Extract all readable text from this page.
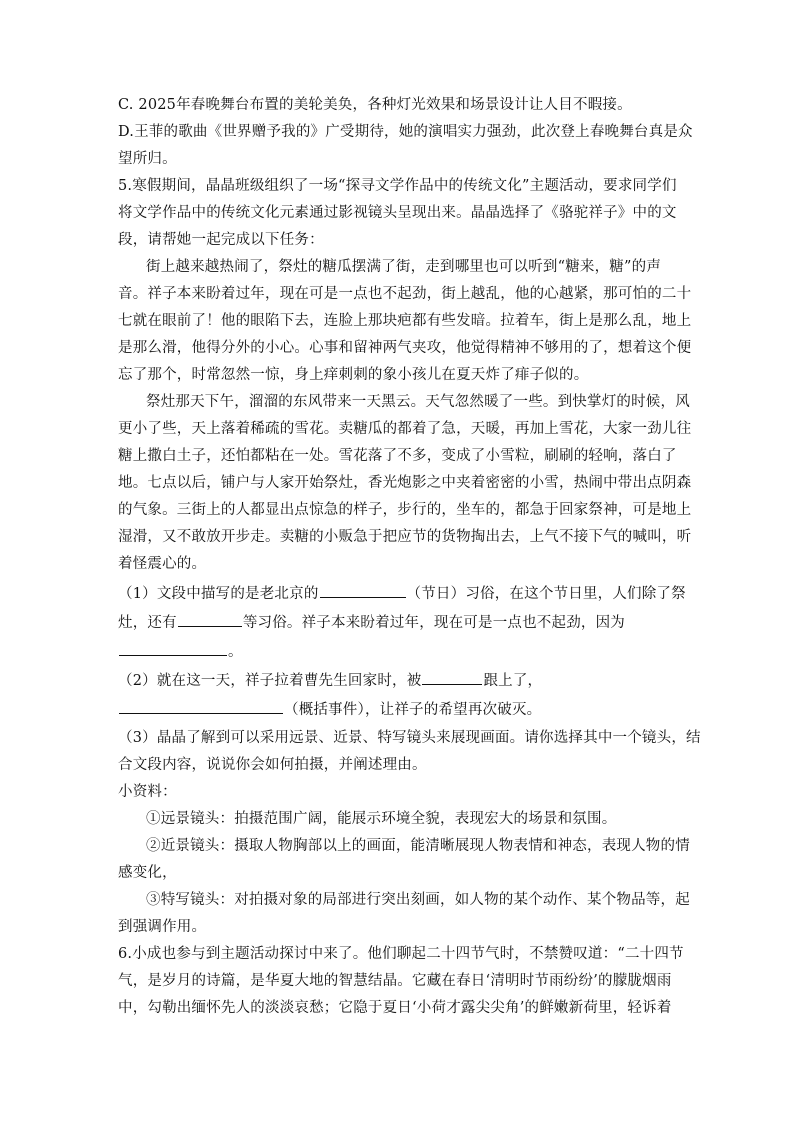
C. 2025年春晚舞台布置的美轮美奂，各种灯光效果和场景设计让人目不暇接。
D.王菲的歌曲《世界赠予我的》广受期待，她的演唱实力强劲，此次登上春晚舞台真是众
望所归。
5.寒假期间，晶晶班级组织了一场“探寻文学作品中的传统文化”主题活动，要求同学们
将文学作品中的传统文化元素通过影视镜头呈现出来。晶晶选择了《骆驼祥子》中的文
段，请帮她一起完成以下任务：
街上越来越热闹了，祭灶的糖瓜摆满了街，走到哪里也可以听到“糖来，糖”的声
音。祥子本来盼着过年，现在可是一点也不起劲，街上越乱，他的心越紧，那可怕的二十
七就在眼前了！他的眼陷下去，连脸上那块疤都有些发暗。拉着车，街上是那么乱，地上
是那么滑，他得分外的小心。心事和留神两气夹攻，他觉得精神不够用的了，想着这个便
忘了那个，时常忽然一惊，身上痒刺刺的象小孩儿在夏天炸了痱子似的。
祭灶那天下午，溜溜的东风带来一天黑云。天气忽然暖了一些。到快掌灯的时候，风
更小了些，天上落着稀疏的雪花。卖糖瓜的都着了急，天暖，再加上雪花，大家一劲儿往
糖上撒白土子，还怕都粘在一处。雪花落了不多，变成了小雪粒，刷刷的轻响，落白了
地。七点以后，铺户与人家开始祭灶，香光炮影之中夹着密密的小雪，热闹中带出点阴森
的气象。三街上的人都显出点惊急的样子，步行的，坐车的，都急于回家祭神，可是地上
湿滑，又不敢放开步走。卖糖的小贩急于把应节的货物掏出去，上气不接下气的喊叫，听
着怪震心的。
（1）文段中描写的是老北京的	（节日）习俗，在这个节日里，人们除了祭
灶，还有	等习俗。祥子本来盼着过年，现在可是一点也不起劲，因为
。
（2）就在这一天，祥子拉着曹先生回家时，被	跟上了，
（概括事件），让祥子的希望再次破灭。
（3）晶晶了解到可以采用远景、近景、特写镜头来展现画面。请你选择其中一个镜头，结
合文段内容，说说你会如何拍摄，并阐述理由。
小资料：
①远景镜头：拍摄范围广阔，能展示环境全貌，表现宏大的场景和氛围。
②近景镜头：摄取人物胸部以上的画面，能清晰展现人物表情和神态，表现人物的情
感变化，
③特写镜头：对拍摄对象的局部进行突出刻画，如人物的某个动作、某个物品等，起
到强调作用。
6.小成也参与到主题活动探讨中来了。他们聊起二十四节气时，不禁赞叹道：“二十四节
气，是岁月的诗篇，是华夏大地的智慧结晶。它藏在春日‘清明时节雨纷纷’的朦胧烟雨
中，勾勒出缅怀先人的淡淡哀愁；它隐于夏日‘小荷才露尖尖角’的鲜嫩新荷里，轻诉着
